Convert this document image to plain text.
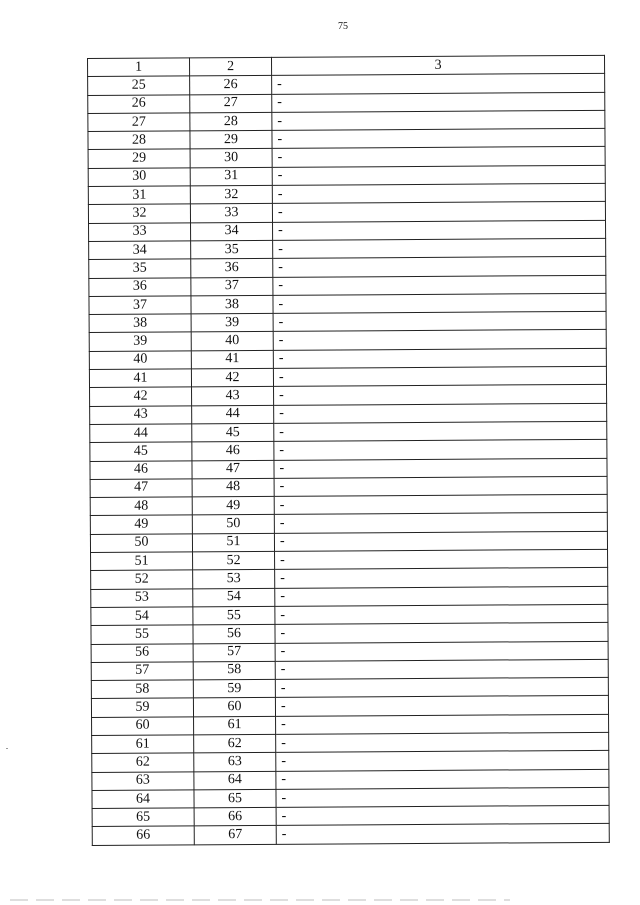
75
1	2	3
25	26	-
26	27	-
27	28	-
28	29	-
29	30	-
30	31	-
31	32	-
32	33	-
33	34	-
34	35	-
35	36	-
36	37	-
37	38	-
38	39	-
39	40	-
40	41	-
41	42	-
42	43	-
43	44	-
44	45	-
45	46	-
46	47	-
47	48	-
48	49	-
49	50	-
50	51	-
51	52	-
52	53	-
53	54	-
54	55	-
55	56	-
56	57	-
57	58	-
58	59	-
59	60	-
60	61	-
61	62	-
62	63	-
63	64	-
64	65	-
65	66	-
66	67	-
